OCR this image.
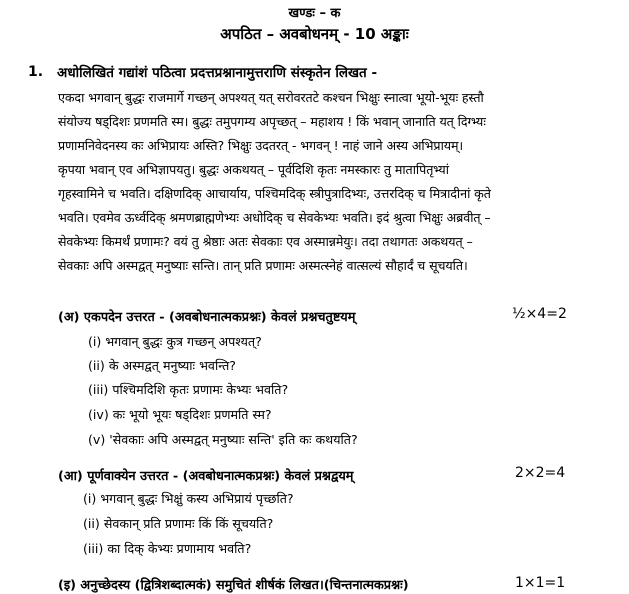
खण्डः – क
अपठित – अवबोधनम् - 10 अङ्काः
1. अधोलिखितं गद्यांशं पठित्वा प्रदत्तप्रश्नानामुत्तराणि संस्कृतेन लिखत -
एकदा भगवान् बुद्धः राजमार्गे गच्छन् अपश्यत् यत् सरोवरतटे कश्चन भिक्षुः स्नात्वा भूयो-भूयः हस्तौ
संयोज्य षड्दिशः प्रणमति स्म। बुद्धः तमुपगम्य अपृच्छत् – महाशय ! किं भवान् जानाति यत् दिग्भ्यः
प्रणामनिवेदनस्य कः अभिप्रायः अस्ति? भिक्षुः उदतरत् - भगवन् ! नाहं जाने अस्य अभिप्रायम्।
कृपया भवान् एव अभिज्ञापयतु। बुद्धः अकथयत् – पूर्वदिशि कृतः नमस्कारः तु मातापितृभ्यां
गृहस्वामिने च भवति। दक्षिणदिक् आचार्याय, पश्चिमदिक् स्त्रीपुत्रादिभ्यः, उत्तरदिक् च मित्रादीनां कृते
भवति। एवमेव ऊर्ध्वदिक् श्रमणब्राह्मणेभ्यः अधोदिक् च सेवकेभ्यः भवति। इदं श्रुत्वा भिक्षुः अब्रवीत् –
सेवकेभ्यः किमर्थं प्रणामः? वयं तु श्रेष्ठाः अतः सेवकाः एव अस्मान्नमेयुः। तदा तथागतः अकथयत् –
सेवकाः अपि अस्मद्वत् मनुष्याः सन्ति। तान् प्रति प्रणामः अस्मत्स्नेहं वात्सल्यं सौहार्दं च सूचयति।
(अ) एकपदेन उत्तरत - (अवबोधनात्मकप्रश्नः) केवलं प्रश्नचतुष्टयम्	½×4=2
(i) भगवान् बुद्धः कुत्र गच्छन् अपश्यत्?
(ii) के अस्मद्वत् मनुष्याः भवन्ति?
(iii) पश्चिमदिशि कृतः प्रणामः केभ्यः भवति?
(iv) कः भूयो भूयः षड्दिशः प्रणमति स्म?
(v) 'सेवकाः अपि अस्मद्वत् मनुष्याः सन्ति' इति कः कथयति?
(आ) पूर्णवाक्येन उत्तरत - (अवबोधनात्मकप्रश्नः) केवलं प्रश्नद्वयम्	2×2=4
(i) भगवान् बुद्धः भिक्षुं कस्य अभिप्रायं पृच्छति?
(ii) सेवकान् प्रति प्रणामः किं किं सूचयति?
(iii) का दिक् केभ्यः प्रणामाय भवति?
(इ) अनुच्छेदस्य (द्वित्रिशब्दात्मकं) समुचितं शीर्षकं लिखत।(चिन्तनात्मकप्रश्नः)	1×1=1
